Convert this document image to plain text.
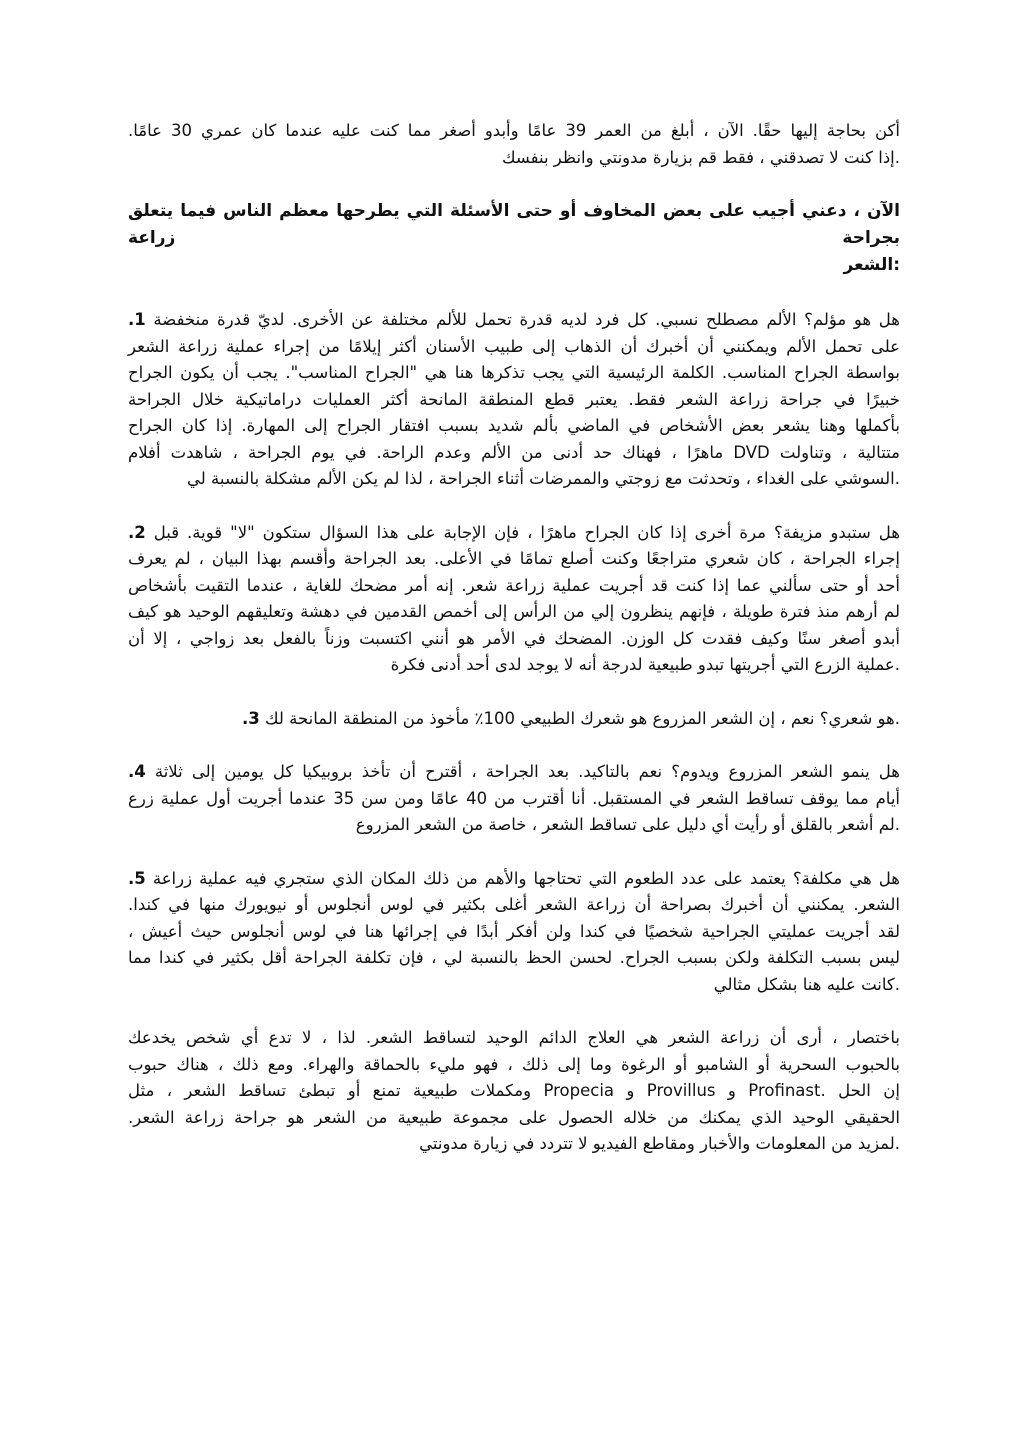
أكن بحاجة إليها حقًا. الآن ، أبلغ من العمر 39 عامًا وأبدو أصغر مما كنت عليه عندما كان عمري 30 عامًا.
.إذا كنت لا تصدقني ، فقط قم بزيارة مدونتي وانظر بنفسك
الآن ، دعني أجيب على بعض المخاوف أو حتى الأسئلة التي يطرحها معظم الناس فيما يتعلق بجراحة زراعة
:الشعر
هل هو مؤلم؟ الألم مصطلح نسبي. كل فرد لديه قدرة تحمل للألم مختلفة عن الأخرى. لديّ قدرة منخفضة 1.
على تحمل الألم ويمكنني أن أخبرك أن الذهاب إلى طبيب الأسنان أكثر إيلامًا من إجراء عملية زراعة الشعر
بواسطة الجراح المناسب. الكلمة الرئيسية التي يجب تذكرها هنا هي "الجراح المناسب". يجب أن يكون الجراح
خبيرًا في جراحة زراعة الشعر فقط. يعتبر قطع المنطقة المانحة أكثر العمليات دراماتيكية خلال الجراحة
بأكملها وهنا يشعر بعض الأشخاص في الماضي بألم شديد بسبب افتقار الجراح إلى المهارة. إذا كان الجراح
متتالية ، وتناولت DVD ماهرًا ، فهناك حد أدنى من الألم وعدم الراحة. في يوم الجراحة ، شاهدت أفلام
.السوشي على الغداء ، وتحدثت مع زوجتي والممرضات أثناء الجراحة ، لذا لم يكن الألم مشكلة بالنسبة لي
هل ستبدو مزيفة؟ مرة أخرى إذا كان الجراح ماهرًا ، فإن الإجابة على هذا السؤال ستكون "لا" قوية. قبل 2.
إجراء الجراحة ، كان شعري متراجعًا وكنت أصلع تمامًا في الأعلى. بعد الجراحة وأقسم بهذا البيان ، لم يعرف
أحد أو حتى سألني عما إذا كنت قد أجريت عملية زراعة شعر. إنه أمر مضحك للغاية ، عندما التقيت بأشخاص
لم أرهم منذ فترة طويلة ، فإنهم ينظرون إلي من الرأس إلى أخمص القدمين في دهشة وتعليقهم الوحيد هو كيف
أبدو أصغر سنًا وكيف فقدت كل الوزن. المضحك في الأمر هو أنني اكتسبت وزناً بالفعل بعد زواجي ، إلا أن
.عملية الزرع التي أجريتها تبدو طبيعية لدرجة أنه لا يوجد لدى أحد أدنى فكرة
.هو شعري؟ نعم ، إن الشعر المزروع هو شعرك الطبيعي 100٪ مأخوذ من المنطقة المانحة لك 3.
هل ينمو الشعر المزروع ويدوم؟ نعم بالتاكيد. بعد الجراحة ، أقترح أن تأخذ بروبيكيا كل يومين إلى ثلاثة 4.
أيام مما يوقف تساقط الشعر في المستقبل. أنا أقترب من 40 عامًا ومن سن 35 عندما أجريت أول عملية زرع
.لم أشعر بالقلق أو رأيت أي دليل على تساقط الشعر ، خاصة من الشعر المزروع
هل هي مكلفة؟ يعتمد على عدد الطعوم التي تحتاجها والأهم من ذلك المكان الذي ستجري فيه عملية زراعة 5.
الشعر. يمكنني أن أخبرك بصراحة أن زراعة الشعر أغلى بكثير في لوس أنجلوس أو نيويورك منها في كندا.
لقد أجريت عمليتي الجراحية شخصيًا في كندا ولن أفكر أبدًا في إجرائها هنا في لوس أنجلوس حيث أعيش ،
ليس بسبب التكلفة ولكن بسبب الجراح. لحسن الحظ بالنسبة لي ، فإن تكلفة الجراحة أقل بكثير في كندا مما
.كانت عليه هنا بشكل مثالي
باختصار ، أرى أن زراعة الشعر هي العلاج الدائم الوحيد لتساقط الشعر. لذا ، لا تدع أي شخص يخدعك
بالحبوب السحرية أو الشامبو أو الرغوة وما إلى ذلك ، فهو مليء بالحماقة والهراء. ومع ذلك ، هناك حبوب
إن الحل .Profinast و Provillus و Propecia ومكملات طبيعية تمنع أو تبطئ تساقط الشعر ، مثل
الحقيقي الوحيد الذي يمكنك من خلاله الحصول على مجموعة طبيعية من الشعر هو جراحة زراعة الشعر.
.لمزيد من المعلومات والأخبار ومقاطع الفيديو لا تتردد في زيارة مدونتي
